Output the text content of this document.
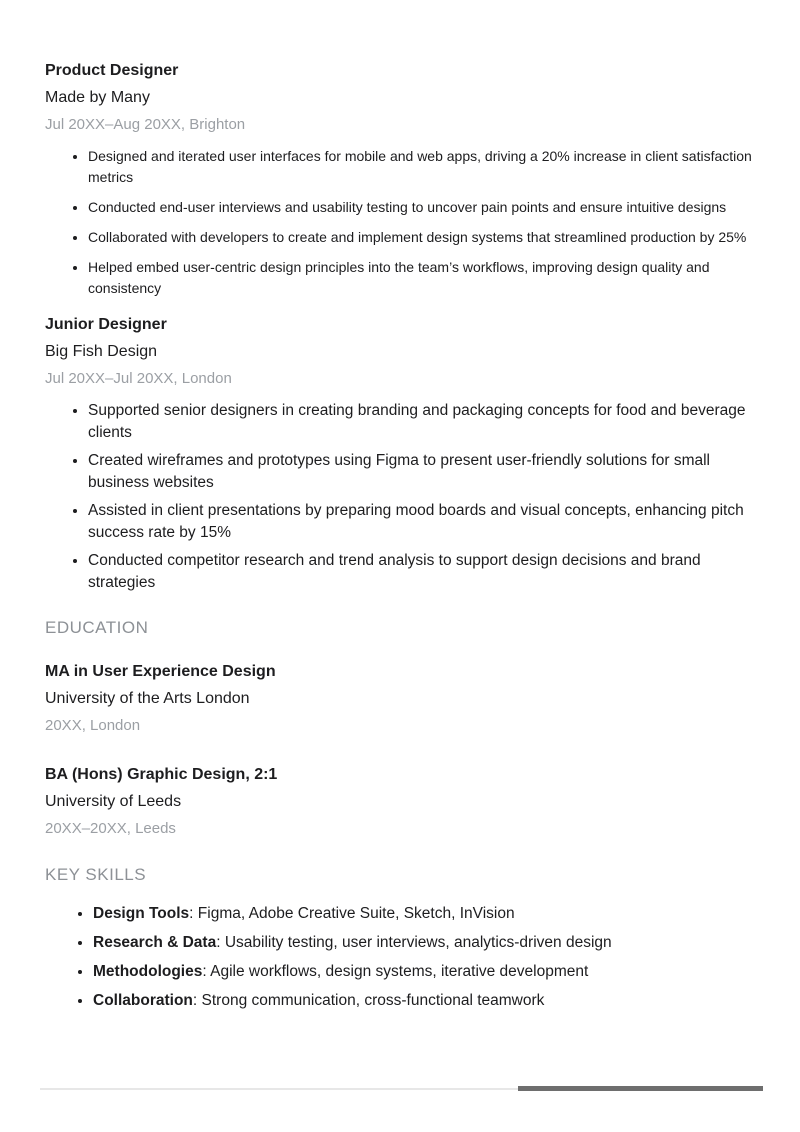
Product Designer
Made by Many
Jul 20XX–Aug 20XX, Brighton
• Designed and iterated user interfaces for mobile and web apps, driving a 20% increase in client satisfaction metrics
• Conducted end-user interviews and usability testing to uncover pain points and ensure intuitive designs
• Collaborated with developers to create and implement design systems that streamlined production by 25%
• Helped embed user-centric design principles into the team’s workflows, improving design quality and consistency
Junior Designer
Big Fish Design
Jul 20XX–Jul 20XX, London
• Supported senior designers in creating branding and packaging concepts for food and beverage clients
• Created wireframes and prototypes using Figma to present user-friendly solutions for small business websites
• Assisted in client presentations by preparing mood boards and visual concepts, enhancing pitch success rate by 15%
• Conducted competitor research and trend analysis to support design decisions and brand strategies
EDUCATION
MA in User Experience Design
University of the Arts London
20XX, London
BA (Hons) Graphic Design, 2:1
University of Leeds
20XX–20XX, Leeds
KEY SKILLS
• Design Tools: Figma, Adobe Creative Suite, Sketch, InVision
• Research & Data: Usability testing, user interviews, analytics-driven design
• Methodologies: Agile workflows, design systems, iterative development
• Collaboration: Strong communication, cross-functional teamwork
